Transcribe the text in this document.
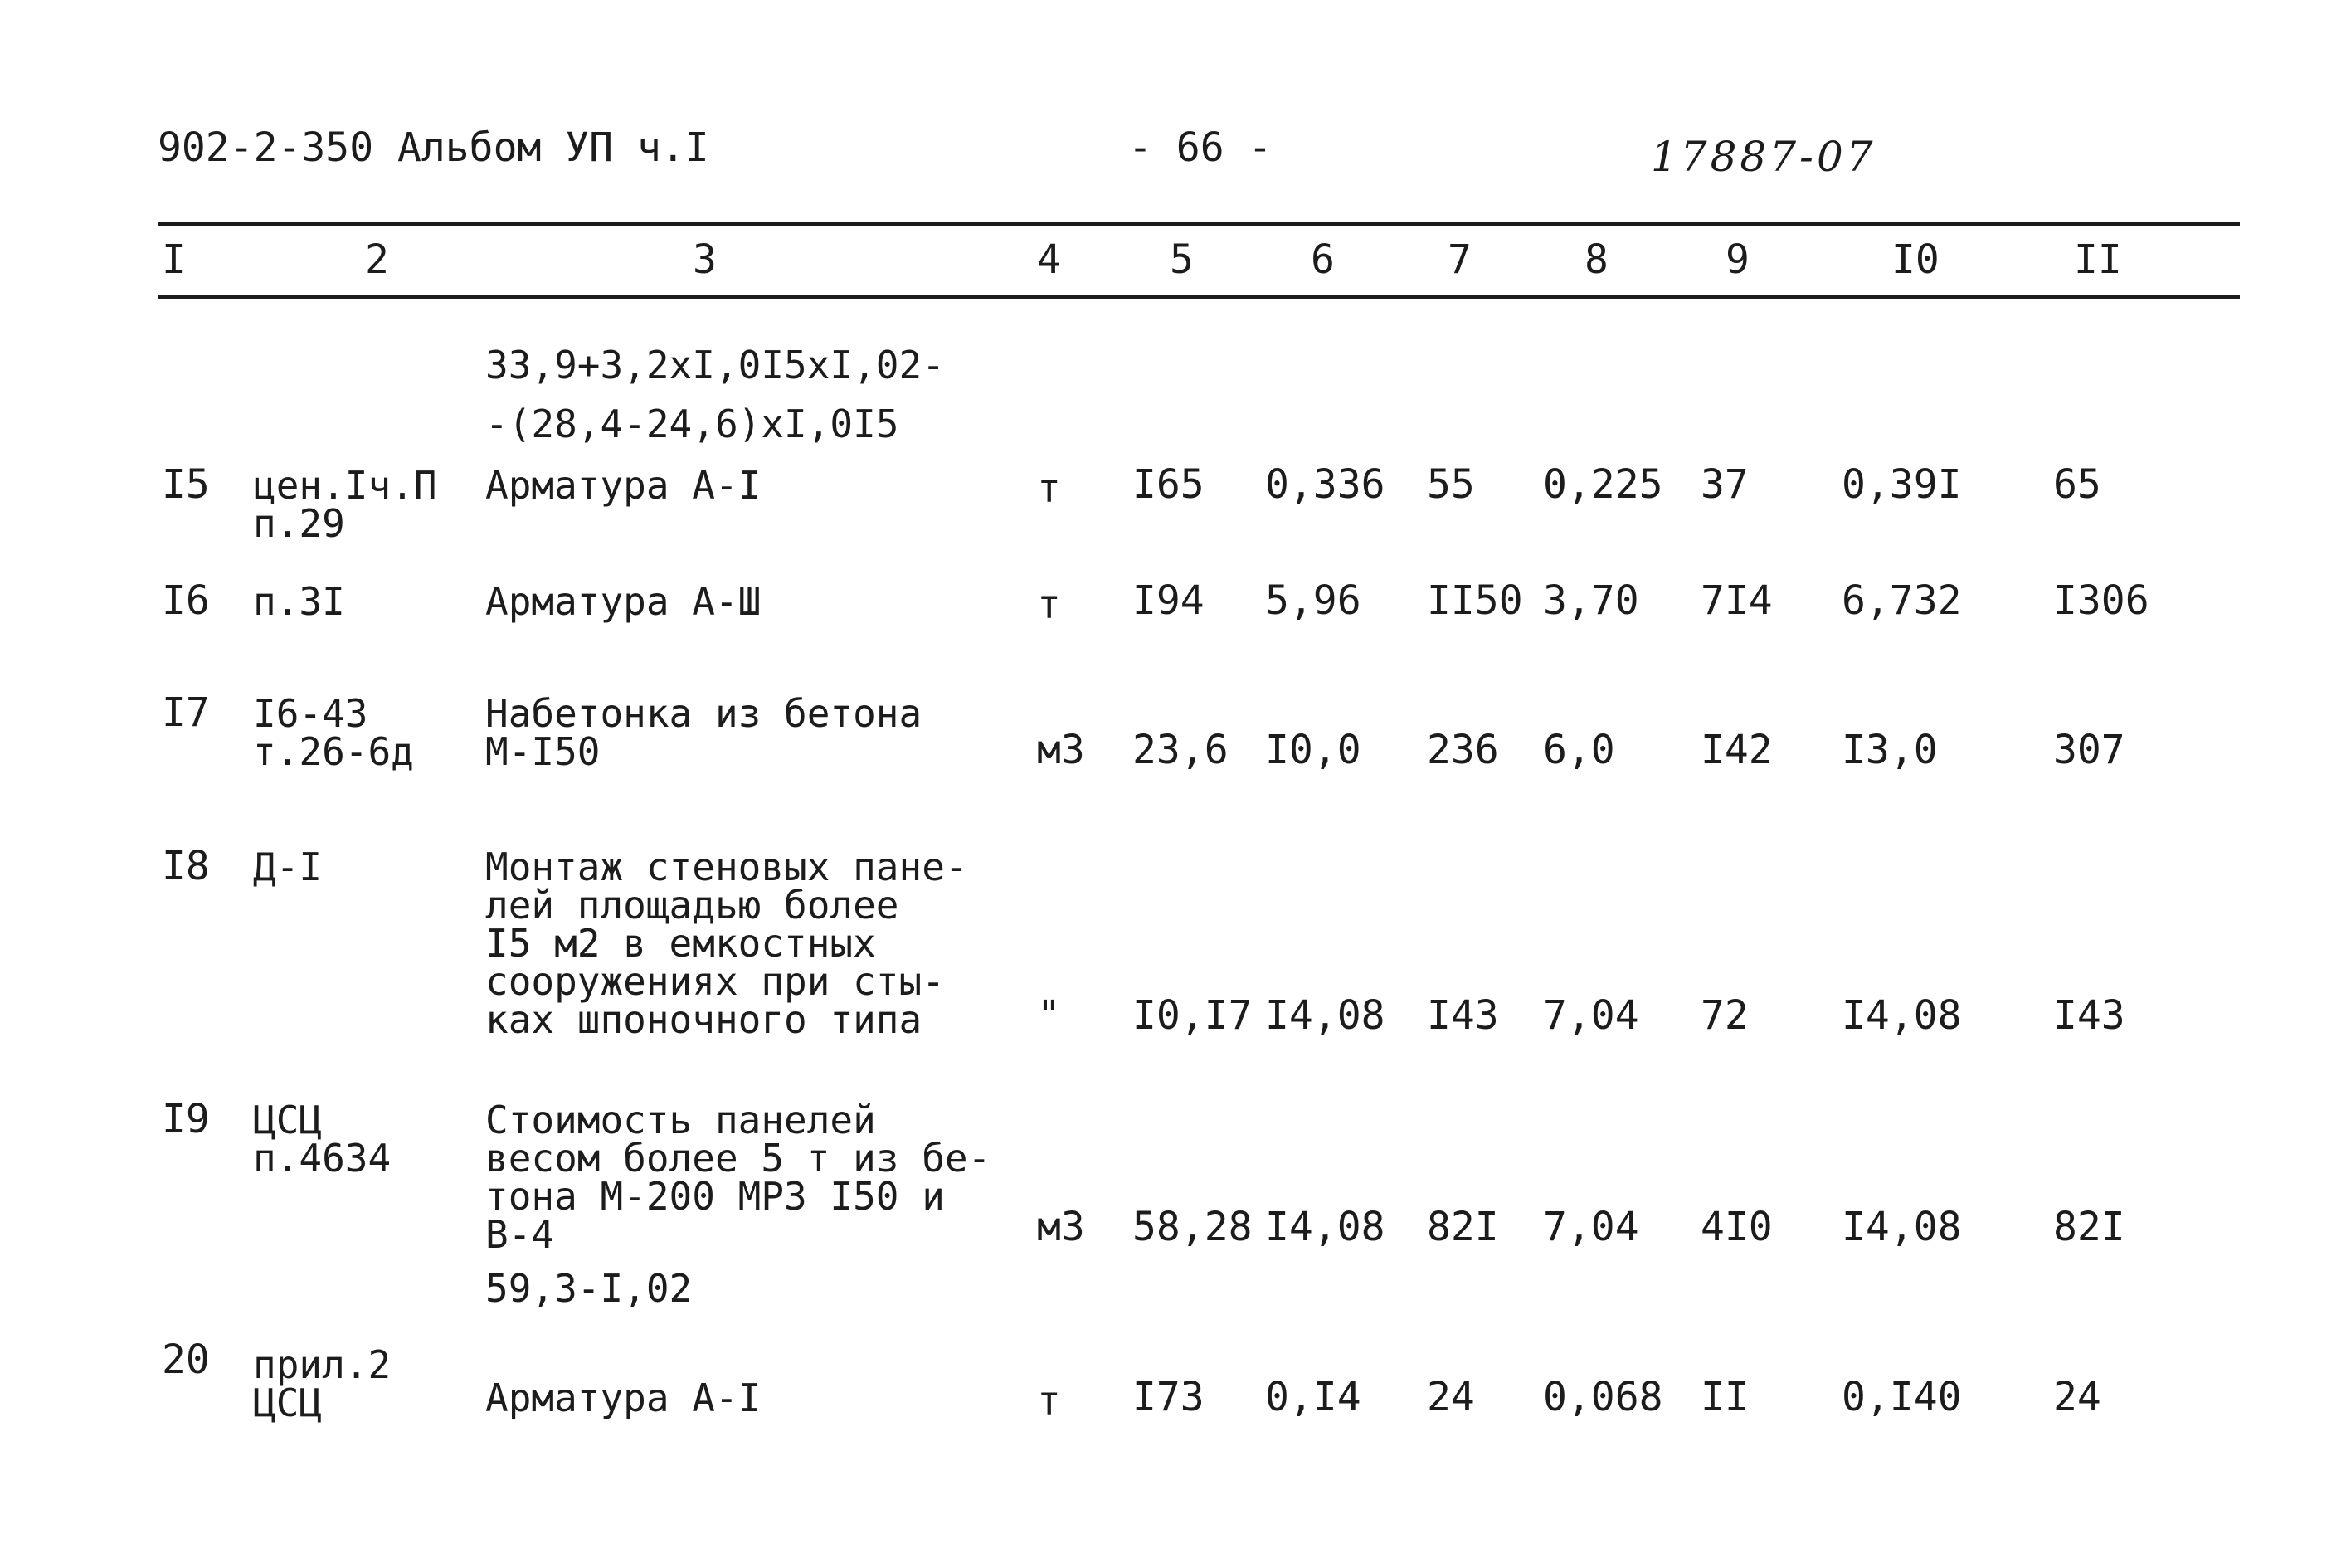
902-2-350 Альбом УП ч.I	- 66 -	17887-07
I	2	3	4	5	6	7	8	9	I0	II
33,9+3,2xI,0I5xI,02-
-(28,4-24,6)xI,0I5
I5 цен.Iч.П
п.29
Арматура А-I	т I65 0,336 55 0,225 37 0,39I 65
I6 п.3I	Арматура А-Ш	т I94 5,96 II50 3,70 7I4 6,732 I306
I7 I6-43
т.26-6д
Набетонка из бетона
М-I50	м3 23,6 I0,0 236 6,0 I42 I3,0	307
I8 Д-I	Монтаж стеновых пане-
лей площадью более
I5 м2 в емкостных
сооружениях при сты-
ках шпоночного типа	" I0,I7 I4,08 I43 7,04 72 I4,08 I43
I9 ЦСЦ
п.4634
Стоимость панелей
весом более 5 т из бе-
тона М-200 МРЗ I50 и
В-4
59,3-I,02
м3 58,28 I4,08 82I 7,04 4I0 I4,08 82I
20 прил.2
ЦСЦ	Арматура А-I	т I73 0,I4 24 0,068 II 0,I40 24
